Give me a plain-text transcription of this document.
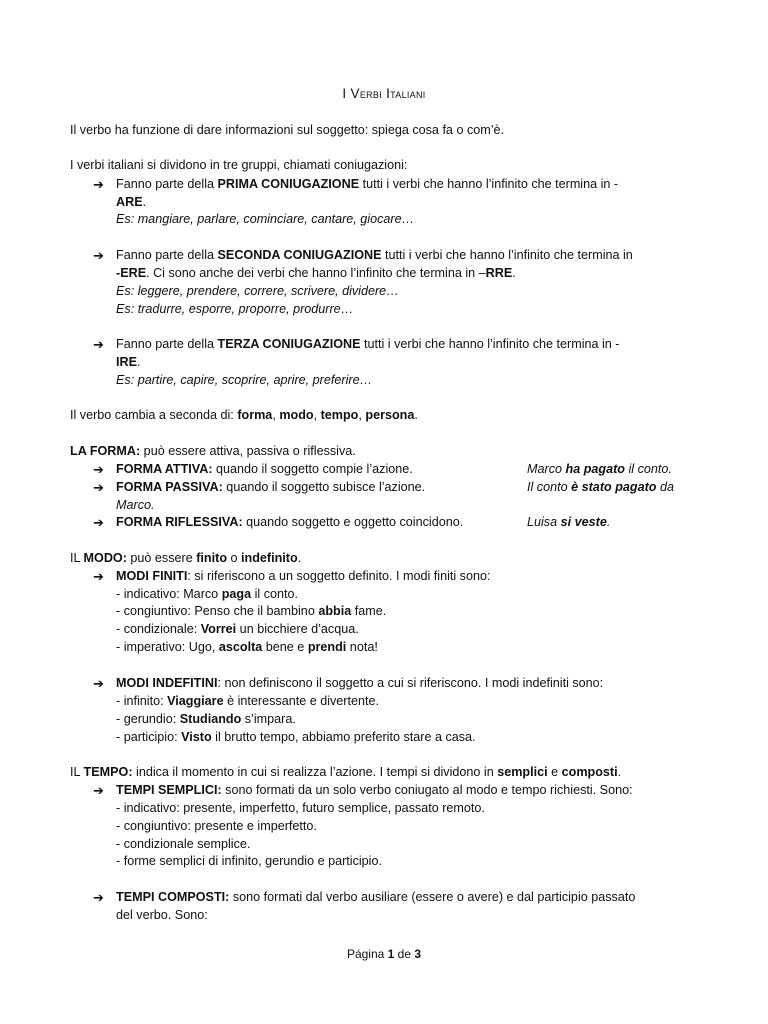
I Verbi Italiani
Il verbo ha funzione di dare informazioni sul soggetto: spiega cosa fa o com’è.
I verbi italiani si dividono in tre gruppi, chiamati coniugazioni:
➔ Fanno parte della PRIMA CONIUGAZIONE tutti i verbi che hanno l’infinito che termina in -
ARE.
Es: mangiare, parlare, cominciare, cantare, giocare…
➔ Fanno parte della SECONDA CONIUGAZIONE tutti i verbi che hanno l’infinito che termina in
-ERE. Ci sono anche dei verbi che hanno l’infinito che termina in –RRE.
Es: leggere, prendere, correre, scrivere, dividere…
Es: tradurre, esporre, proporre, produrre…
➔ Fanno parte della TERZA CONIUGAZIONE tutti i verbi che hanno l’infinito che termina in -
IRE.
Es: partire, capire, scoprire, aprire, preferire…
Il verbo cambia a seconda di: forma, modo, tempo, persona.
LA FORMA: può essere attiva, passiva o riflessiva.
➔ FORMA ATTIVA: quando il soggetto compie l’azione.	Marco ha pagato il conto.
➔ FORMA PASSIVA: quando il soggetto subisce l’azione.	Il conto è stato pagato da
Marco.
➔ FORMA RIFLESSIVA: quando soggetto e oggetto coincidono.	Luisa si veste.
IL MODO: può essere finito o indefinito.
➔ MODI FINITI: si riferiscono a un soggetto definito. I modi finiti sono:
- indicativo: Marco paga il conto.
- congiuntivo: Penso che il bambino abbia fame.
- condizionale: Vorrei un bicchiere d’acqua.
- imperativo: Ugo, ascolta bene e prendi nota!
➔ MODI INDEFITINI: non definiscono il soggetto a cui si riferiscono. I modi indefiniti sono:
- infinito: Viaggiare è interessante e divertente.
- gerundio: Studiando s’impara.
- participio: Visto il brutto tempo, abbiamo preferito stare a casa.
IL TEMPO: indica il momento in cui si realizza l’azione. I tempi si dividono in semplici e composti.
➔ TEMPI SEMPLICI: sono formati da un solo verbo coniugato al modo e tempo richiesti. Sono:
- indicativo: presente, imperfetto, futuro semplice, passato remoto.
- congiuntivo: presente e imperfetto.
- condizionale semplice.
- forme semplici di infinito, gerundio e participio.
➔ TEMPI COMPOSTI: sono formati dal verbo ausiliare (essere o avere) e dal participio passato
del verbo. Sono:
Página 1 de 3
